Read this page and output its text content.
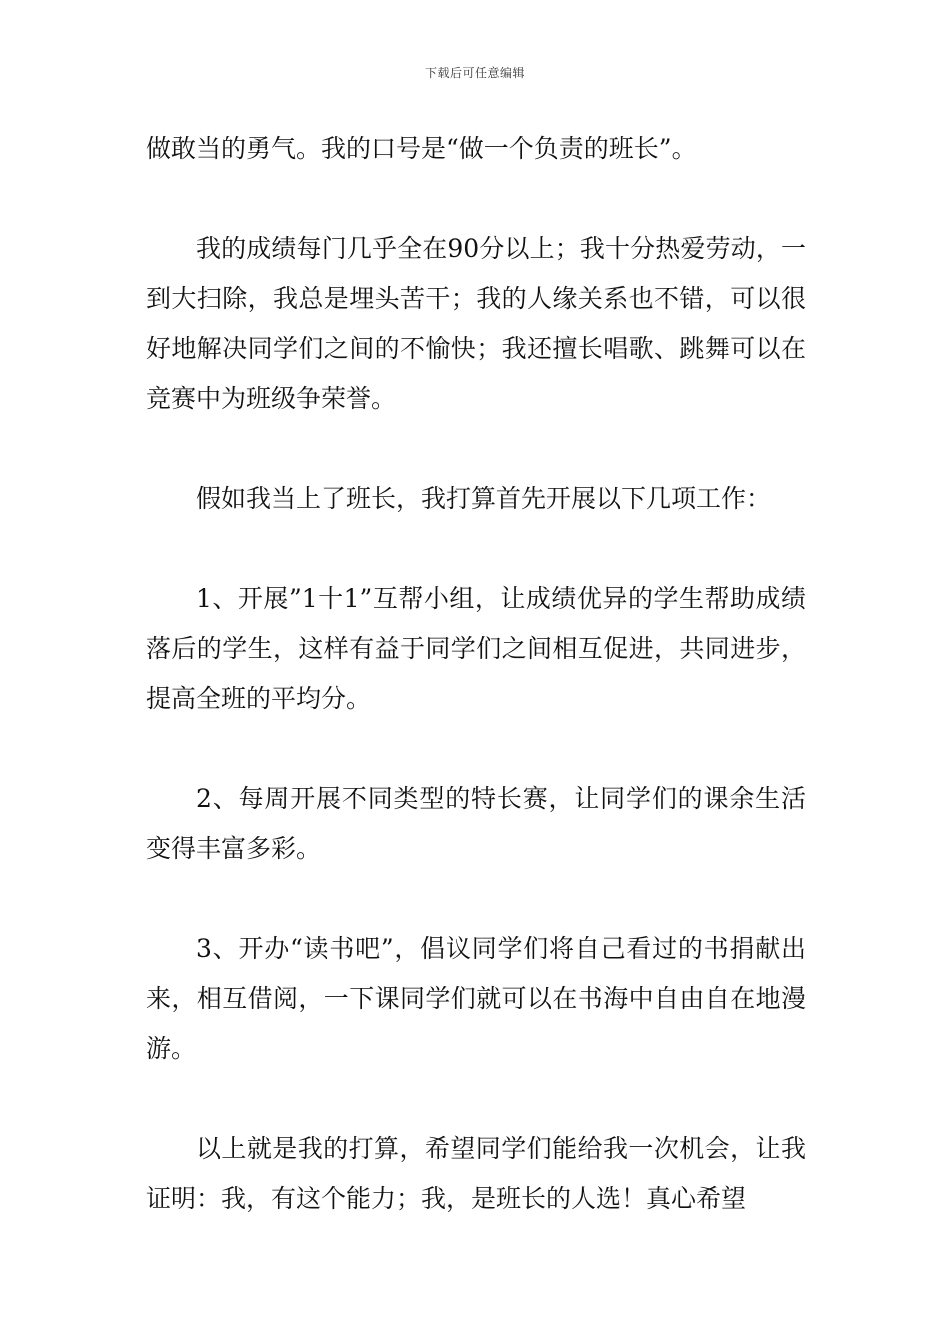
下载后可任意编辑

做敢当的勇气。我的口号是“做一个负责的班长”。

我的成绩每门几乎全在90分以上；我十分热爱劳动，一到大扫除，我总是埋头苦干；我的人缘关系也不错，可以很好地解决同学们之间的不愉快；我还擅长唱歌、跳舞可以在竞赛中为班级争荣誉。

假如我当上了班长，我打算首先开展以下几项工作：

1、开展”1十1”互帮小组，让成绩优异的学生帮助成绩落后的学生，这样有益于同学们之间相互促进，共同进步，提高全班的平均分。

2、每周开展不同类型的特长赛，让同学们的课余生活变得丰富多彩。

3、开办“读书吧”，倡议同学们将自己看过的书捐献出来，相互借阅，一下课同学们就可以在书海中自由自在地漫游。

以上就是我的打算，希望同学们能给我一次机会，让我证明：我，有这个能力；我，是班长的人选！真心希望
